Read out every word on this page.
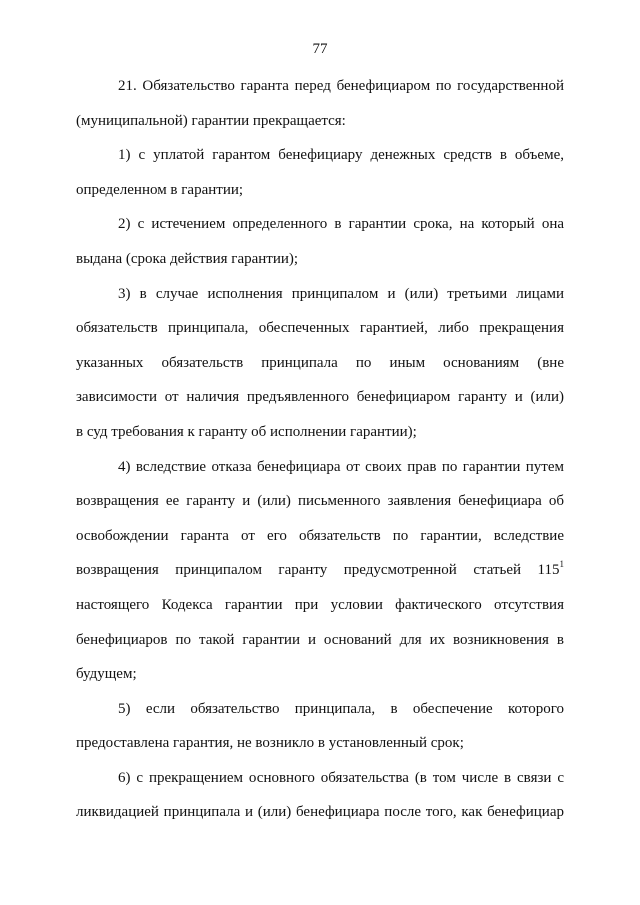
77
21. Обязательство гаранта перед бенефициаром по государственной
(муниципальной) гарантии прекращается:
1) с уплатой гарантом бенефициару денежных средств в объеме,
определенном в гарантии;
2) с истечением определенного в гарантии срока, на который она
выдана (срока действия гарантии);
3) в случае исполнения принципалом и (или) третьими лицами
обязательств принципала, обеспеченных гарантией, либо прекращения
указанных обязательств принципала по иным основаниям (вне
зависимости от наличия предъявленного бенефициаром гаранту и (или)
в суд требования к гаранту об исполнении гарантии);
4) вследствие отказа бенефициара от своих прав по гарантии путем
возвращения ее гаранту и (или) письменного заявления бенефициара об
освобождении гаранта от его обязательств по гарантии, вследствие
возвращения принципалом гаранту предусмотренной статьей $115^1$
настоящего Кодекса гарантии при условии фактического отсутствия
бенефициаров по такой гарантии и оснований для их возникновения в
будущем;
5) если обязательство принципала, в обеспечение которого
предоставлена гарантия, не возникло в установленный срок;
6) с прекращением основного обязательства (в том числе в связи с
ликвидацией принципала и (или) бенефициара после того, как бенефициар
